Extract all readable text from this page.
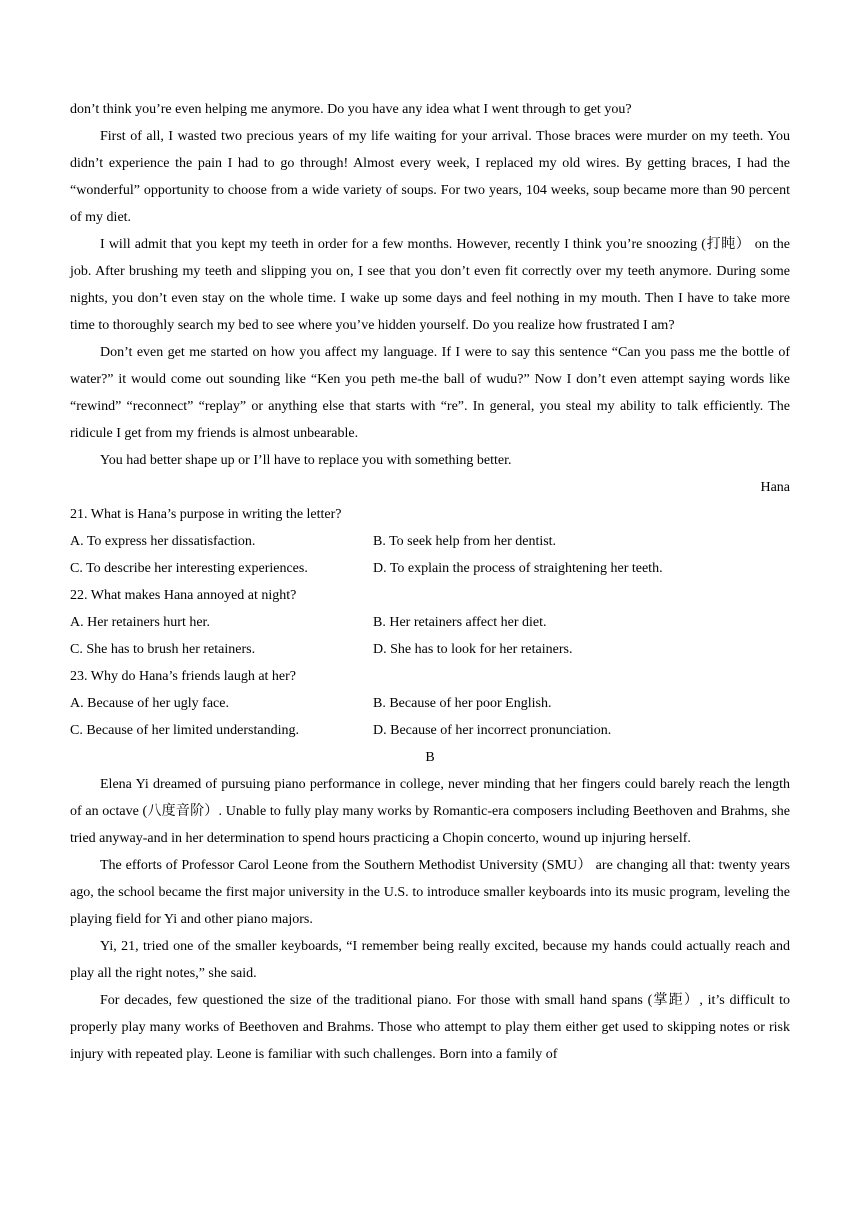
don’t think you’re even helping me anymore. Do you have any idea what I went through to get you?

First of all, I wasted two precious years of my life waiting for your arrival. Those braces were murder on my teeth. You didn’t experience the pain I had to go through! Almost every week, I replaced my old wires. By getting braces, I had the “wonderful” opportunity to choose from a wide variety of soups. For two years, 104 weeks, soup became more than 90 percent of my diet.

I will admit that you kept my teeth in order for a few months. However, recently I think you’re snoozing (打盹） on the job. After brushing my teeth and slipping you on, I see that you don’t even fit correctly over my teeth anymore. During some nights, you don’t even stay on the whole time. I wake up some days and feel nothing in my mouth. Then I have to take more time to thoroughly search my bed to see where you’ve hidden yourself. Do you realize how frustrated I am?

Don’t even get me started on how you affect my language. If I were to say this sentence “Can you pass me the bottle of water?” it would come out sounding like “Ken you peth me-the ball of wudu?” Now I don’t even attempt saying words like “rewind” “reconnect” “replay” or anything else that starts with “re”. In general, you steal my ability to talk efficiently. The ridicule I get from my friends is almost unbearable.

You had better shape up or I’ll have to replace you with something better.

Hana

21. What is Hana’s purpose in writing the letter?

A. To express her dissatisfaction.	B. To seek help from her dentist.
C. To describe her interesting experiences.	D. To explain the process of straightening her teeth.

22. What makes Hana annoyed at night?

A. Her retainers hurt her.	B. Her retainers affect her diet.
C. She has to brush her retainers.	D. She has to look for her retainers.

23. Why do Hana’s friends laugh at her?

A. Because of her ugly face.	B. Because of her poor English.
C. Because of her limited understanding.	D. Because of her incorrect pronunciation.

B

Elena Yi dreamed of pursuing piano performance in college, never minding that her fingers could barely reach the length of an octave (八度音阶）. Unable to fully play many works by Romantic-era composers including Beethoven and Brahms, she tried anyway-and in her determination to spend hours practicing a Chopin concerto, wound up injuring herself.

The efforts of Professor Carol Leone from the Southern Methodist University (SMU） are changing all that: twenty years ago, the school became the first major university in the U.S. to introduce smaller keyboards into its music program, leveling the playing field for Yi and other piano majors.

Yi, 21, tried one of the smaller keyboards, “I remember being really excited, because my hands could actually reach and play all the right notes,” she said.

For decades, few questioned the size of the traditional piano. For those with small hand spans (掌距）, it’s difficult to properly play many works of Beethoven and Brahms. Those who attempt to play them either get used to skipping notes or risk injury with repeated play. Leone is familiar with such challenges. Born into a family of
